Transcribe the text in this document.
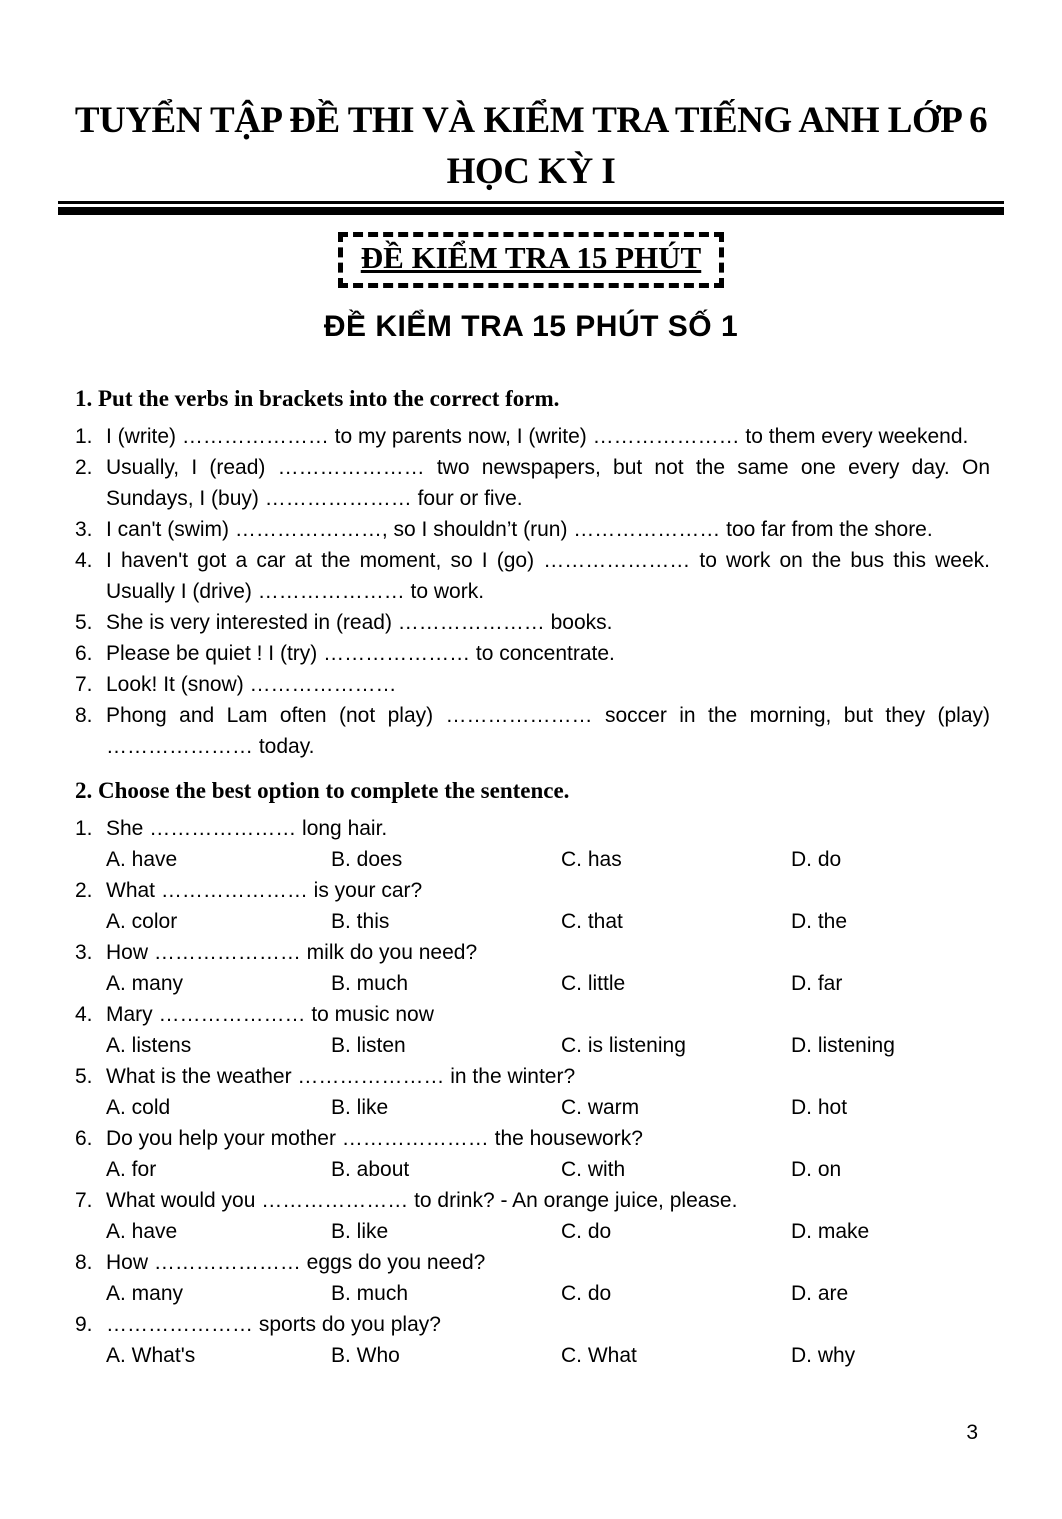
TUYỂN TẬP ĐỀ THI VÀ KIỂM TRA TIẾNG ANH LỚP 6
HỌC KỲ I
ĐỀ KIỂM TRA 15 PHÚT
ĐỀ KIỂM TRA 15 PHÚT SỐ 1
1. Put the verbs in brackets into the correct form.
1. I (write) ………………… to my parents now, I (write) ………………… to them every weekend.
2. Usually, I (read) ………………… two newspapers, but not the same one every day. On Sundays, I (buy) ………………… four or five.
3. I can't (swim) …………………, so I shouldn’t (run) ………………… too far from the shore.
4. I haven't got a car at the moment, so I (go) ………………… to work on the bus this week. Usually I (drive) ………………… to work.
5. She is very interested in (read) ………………… books.
6. Please be quiet ! I (try) ………………… to concentrate.
7. Look! It (snow) …………………
8. Phong and Lam often (not play) ………………… soccer in the morning, but they (play) ………………… today.
2. Choose the best option to complete the sentence.
1. She ………………… long hair.
A. have	B. does	C. has	D. do
2. What ………………… is your car?
A. color	B. this	C. that	D. the
3. How ………………… milk do you need?
A. many	B. much	C. little	D. far
4. Mary ………………… to music now
A. listens	B. listen	C. is listening	D. listening
5. What is the weather ………………… in the winter?
A. cold	B. like	C. warm	D. hot
6. Do you help your mother ………………… the housework?
A. for	B. about	C. with	D. on
7. What would you ………………… to drink? - An orange juice, please.
A. have	B. like	C. do	D. make
8. How ………………… eggs do you need?
A. many	B. much	C. do	D. are
9. ………………… sports do you play?
A. What's	B. Who	C. What	D. why
3
